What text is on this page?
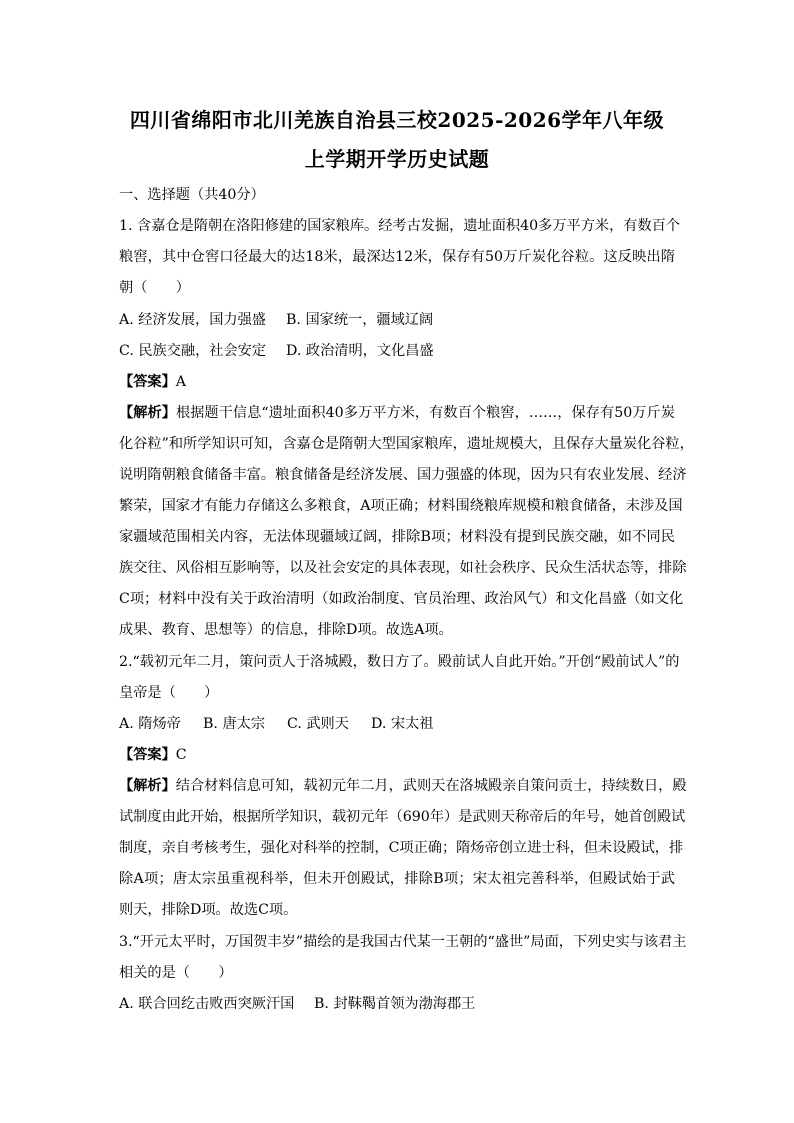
四川省绵阳市北川羌族自治县三校2025-2026学年八年级
上学期开学历史试题
一、选择题（共40分）
1. 含嘉仓是隋朝在洛阳修建的国家粮库。经考古发掘，遗址面积40多万平方米，有数百个
粮窖，其中仓窖口径最大的达18米，最深达12米，保存有50万斤炭化谷粒。这反映出隋
朝（　　）
A. 经济发展，国力强盛 B. 国家统一，疆域辽阔
C. 民族交融，社会安定 D. 政治清明，文化昌盛
【答案】A
【解析】根据题干信息“遗址面积40多万平方米，有数百个粮窖，……，保存有50万斤炭
化谷粒”和所学知识可知，含嘉仓是隋朝大型国家粮库，遗址规模大，且保存大量炭化谷粒，
说明隋朝粮食储备丰富。粮食储备是经济发展、国力强盛的体现，因为只有农业发展、经济
繁荣，国家才有能力存储这么多粮食，A项正确；材料围绕粮库规模和粮食储备，未涉及国
家疆域范围相关内容，无法体现疆域辽阔，排除B项；材料没有提到民族交融，如不同民
族交往、风俗相互影响等，以及社会安定的具体表现，如社会秩序、民众生活状态等，排除
C项；材料中没有关于政治清明（如政治制度、官员治理、政治风气）和文化昌盛（如文化
成果、教育、思想等）的信息，排除D项。故选A项。
2.“载初元年二月，策问贡人于洛城殿，数日方了。殿前试人自此开始。”开创“殿前试人”的
皇帝是（　　）
A. 隋炀帝 B. 唐太宗 C. 武则天 D. 宋太祖
【答案】C
【解析】结合材料信息可知，载初元年二月，武则天在洛城殿亲自策问贡士，持续数日，殿
试制度由此开始，根据所学知识，载初元年（690年）是武则天称帝后的年号，她首创殿试
制度，亲自考核考生，强化对科举的控制，C项正确；隋炀帝创立进士科，但未设殿试，排
除A项；唐太宗虽重视科举，但未开创殿试，排除B项；宋太祖完善科举，但殿试始于武
则天，排除D项。故选C项。
3.“开元太平时，万国贺丰岁”描绘的是我国古代某一王朝的“盛世”局面，下列史实与该君主
相关的是（　　）
A. 联合回纥击败西突厥汗国 B. 封靺鞨首领为渤海郡王
